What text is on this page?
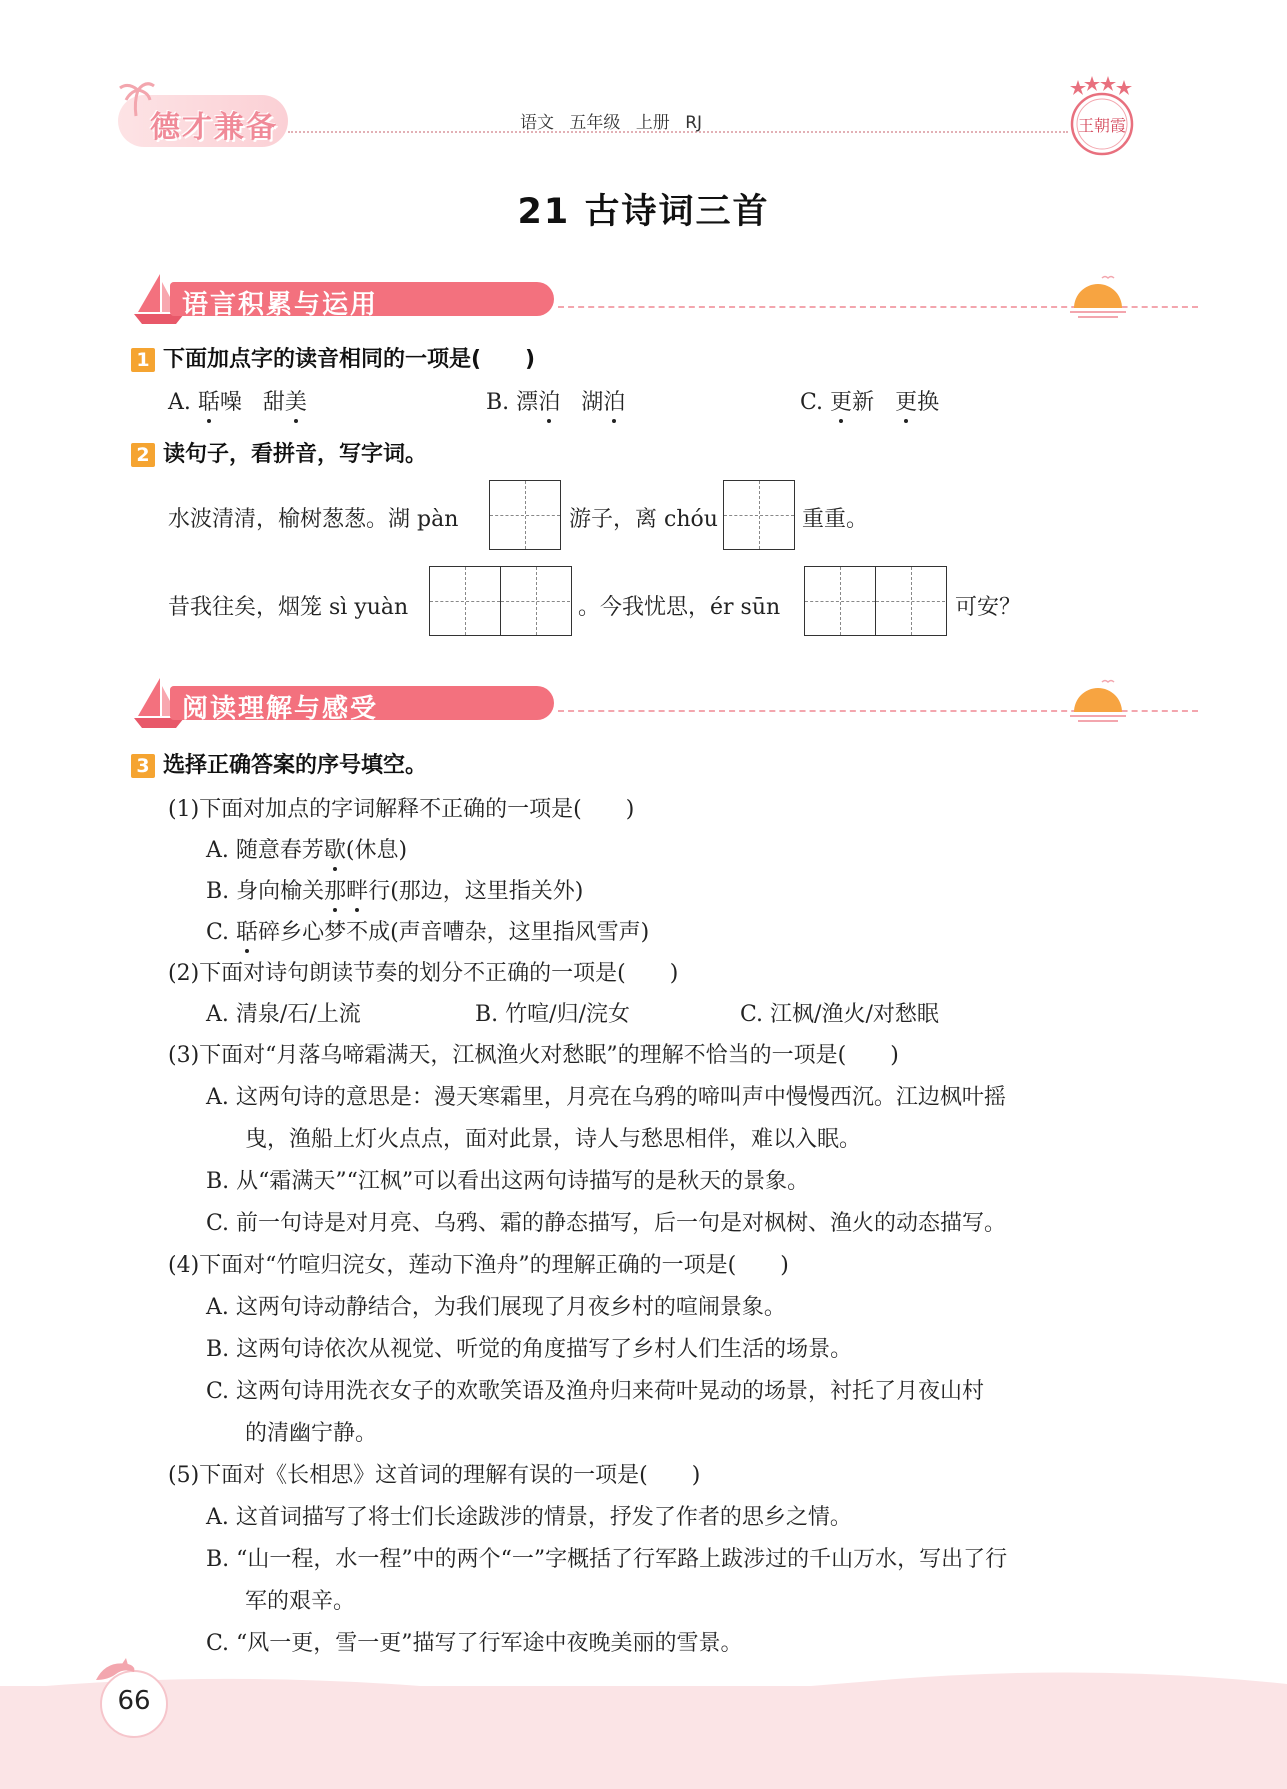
德才兼备	语文 五年级 上册 RJ	王朝霞
21 古诗词三首
语言积累与运用
1 下面加点字的读音相同的一项是(　　)
A. 聒噪 甜美	B. 漂泊 湖泊	C. 更新 更换
2 读句子，看拼音，写字词。
水波清清，榆树葱葱。湖 pàn	游子，离 chóu	重重。
昔我往矣，烟笼 sì yuàn	。今我忧思，ér sūn	可安？
阅读理解与感受
3 选择正确答案的序号填空。
(1)下面对加点的字词解释不正确的一项是(　　)
A. 随意春芳歇(休息)
B. 身向榆关那畔行(那边，这里指关外)
C. 聒碎乡心梦不成(声音嘈杂，这里指风雪声)
(2)下面对诗句朗读节奏的划分不正确的一项是(　　)
A. 清泉/石/上流	B. 竹喧/归/浣女	C. 江枫/渔火/对愁眠
(3)下面对“月落乌啼霜满天，江枫渔火对愁眠”的理解不恰当的一项是(　　)
A. 这两句诗的意思是：漫天寒霜里，月亮在乌鸦的啼叫声中慢慢西沉。江边枫叶摇
曳，渔船上灯火点点，面对此景，诗人与愁思相伴，难以入眠。
B. 从“霜满天”“江枫”可以看出这两句诗描写的是秋天的景象。
C. 前一句诗是对月亮、乌鸦、霜的静态描写，后一句是对枫树、渔火的动态描写。
(4)下面对“竹喧归浣女，莲动下渔舟”的理解正确的一项是(　　)
A. 这两句诗动静结合，为我们展现了月夜乡村的喧闹景象。
B. 这两句诗依次从视觉、听觉的角度描写了乡村人们生活的场景。
C. 这两句诗用洗衣女子的欢歌笑语及渔舟归来荷叶晃动的场景，衬托了月夜山村
的清幽宁静。
(5)下面对《长相思》这首词的理解有误的一项是(　　)
A. 这首词描写了将士们长途跋涉的情景，抒发了作者的思乡之情。
B. “山一程，水一程”中的两个“一”字概括了行军路上跋涉过的千山万水，写出了行
军的艰辛。
C. “风一更，雪一更”描写了行军途中夜晚美丽的雪景。
66
